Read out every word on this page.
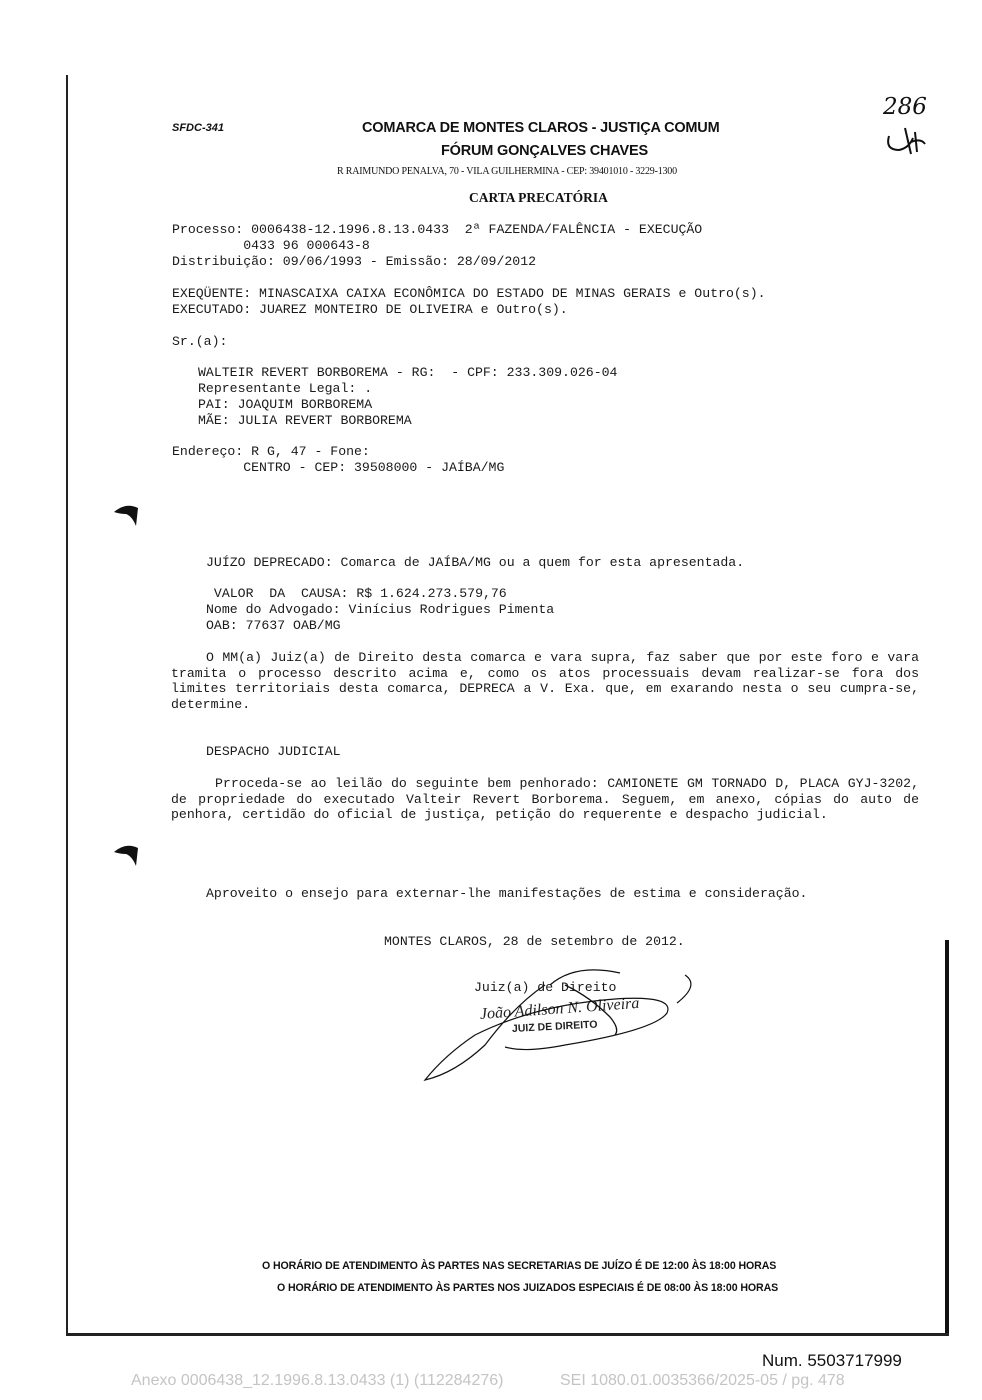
SFDC-341	COMARCA DE MONTES CLAROS - JUSTIÇA COMUM
FÓRUM GONÇALVES CHAVES
R RAIMUNDO PENALVA, 70 - VILA GUILHERMINA - CEP: 39401010 - 3229-1300
CARTA PRECATÓRIA
286
Processo: 0006438-12.1996.8.13.0433  2ª FAZENDA/FALÊNCIA - EXECUÇÃO
0433 96 000643-8
Distribuição: 09/06/1993 - Emissão: 28/09/2012
EXEQÜENTE: MINASCAIXA CAIXA ECONÔMICA DO ESTADO DE MINAS GERAIS e Outro(s).
EXECUTADO: JUAREZ MONTEIRO DE OLIVEIRA e Outro(s).
Sr.(a):
WALTEIR REVERT BORBOREMA - RG:  - CPF: 233.309.026-04
Representante Legal: .
PAI: JOAQUIM BORBOREMA
MÃE: JULIA REVERT BORBOREMA
Endereço: R G, 47 - Fone:
CENTRO - CEP: 39508000 - JAÍBA/MG
JUÍZO DEPRECADO: Comarca de JAÍBA/MG ou a quem for esta apresentada.
VALOR  DA  CAUSA: R$ 1.624.273.579,76
Nome do Advogado: Vinícius Rodrigues Pimenta
OAB: 77637 OAB/MG
O MM(a) Juiz(a) de Direito desta comarca e vara supra, faz saber que por este foro e vara tramita o processo descrito acima e, como os atos processuais devam realizar-se fora dos limites territoriais desta comarca, DEPRECA a V. Exa. que, em exarando nesta o seu cumpra-se, determine.
DESPACHO JUDICIAL
Prroceda-se ao leilão do seguinte bem penhorado: CAMIONETE GM TORNADO D, PLACA GYJ-3202, de propriedade do executado Valteir Revert Borborema. Seguem, em anexo, cópias do auto de penhora, certidão do oficial de justiça, petição do requerente e despacho judicial.
Aproveito o ensejo para externar-lhe manifestações de estima e consideração.
MONTES CLAROS, 28 de setembro de 2012.
Juiz(a) de Direito
João Adilson N. Oliveira
JUIZ DE DIREITO
O HORÁRIO DE ATENDIMENTO ÀS PARTES NAS SECRETARIAS DE JUÍZO É DE 12:00 ÀS 18:00 HORAS
O HORÁRIO DE ATENDIMENTO ÀS PARTES NOS JUIZADOS ESPECIAIS É DE 08:00 ÀS 18:00 HORAS
Num. 5503717999
Anexo 0006438_12.1996.8.13.0433 (1) (112284276)	SEI 1080.01.0035366/2025-05 / pg. 478
